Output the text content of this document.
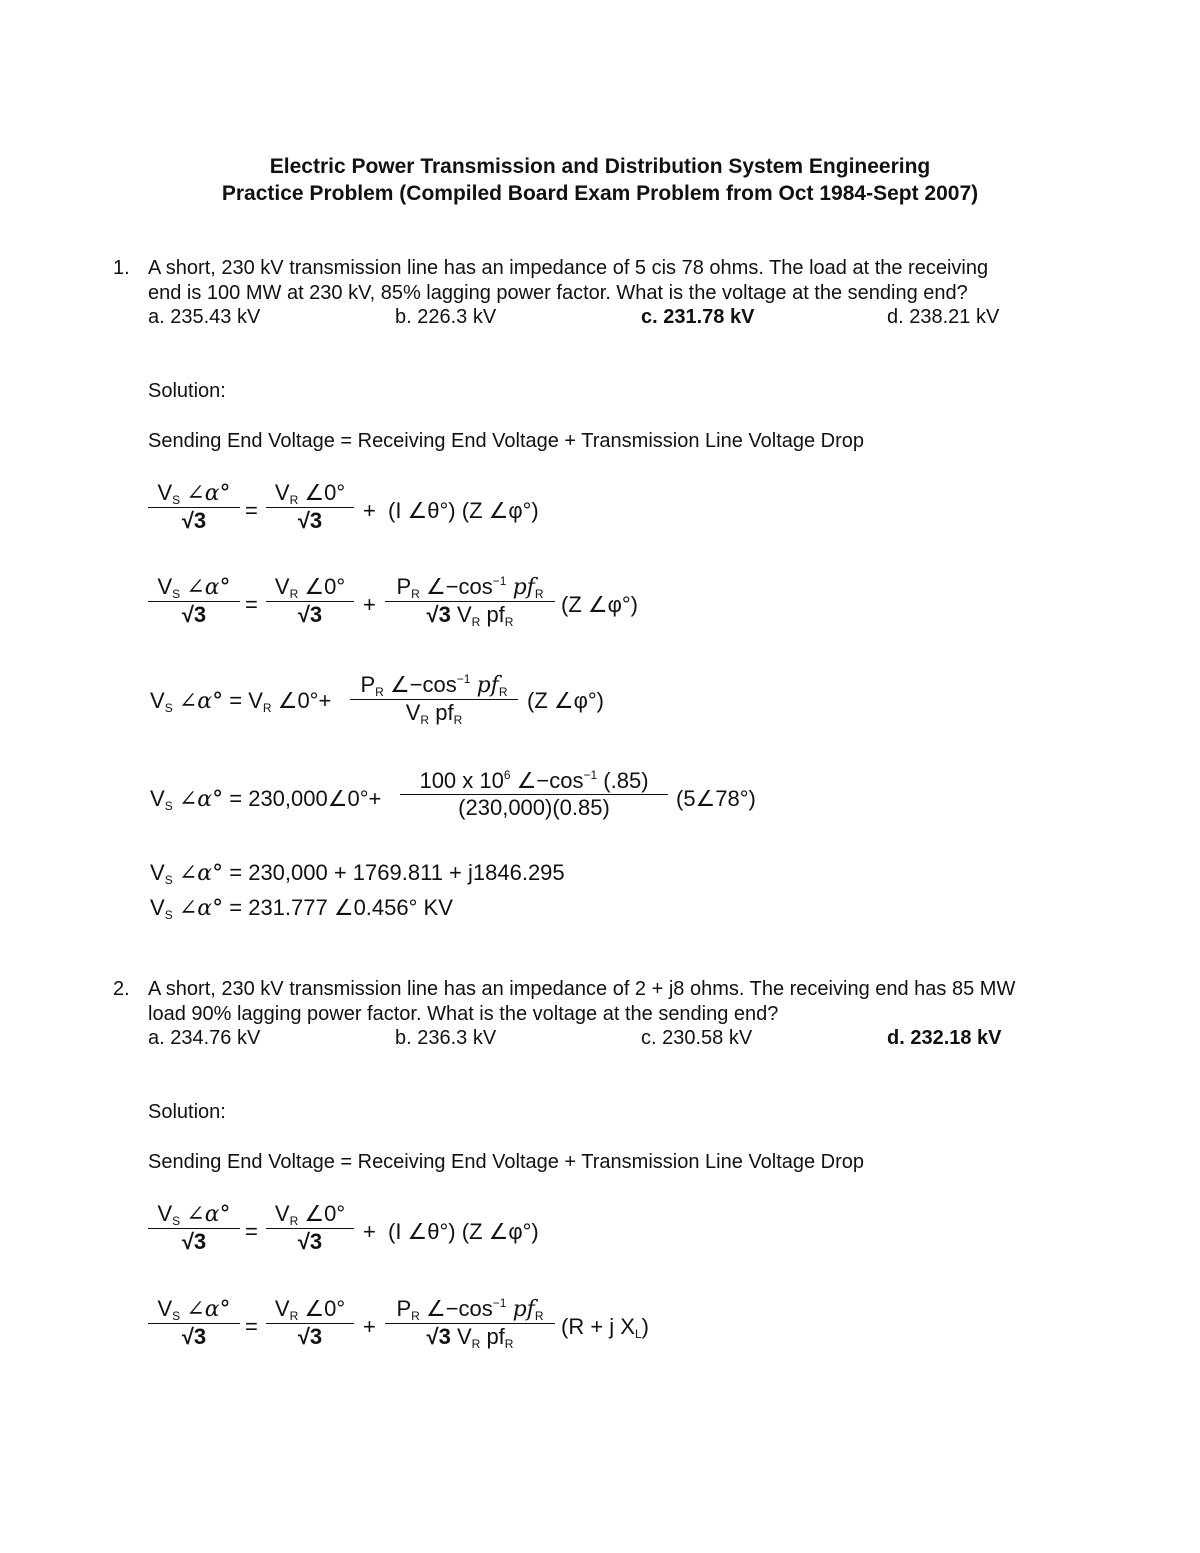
Electric Power Transmission and Distribution System Engineering
Practice Problem (Compiled Board Exam Problem from Oct 1984-Sept 2007)
1. A short, 230 kV transmission line has an impedance of 5 cis 78 ohms. The load at the receiving
end is 100 MW at 230 kV, 85% lagging power factor. What is the voltage at the sending end?
a. 235.43 kV	b. 226.3 kV	c. 231.78 kV	d. 238.21 kV
Solution:
Sending End Voltage = Receiving End Voltage + Transmission Line Voltage Drop
$\frac{V_S \angle\alpha^\circ}{√3} = \frac{V_R \angle 0^\circ}{√3} + (I$ ∠θ°) (Z ∠φ°)
$\frac{V_S \angle\alpha^\circ}{√3} = \frac{V_R \angle 0^\circ}{√3}$ +
$P_R$ $\angle-\cos^{-1}$ $pf_R$
√3 $V_R$ $pf_R$
(Z ∠φ°)
$V_S$ ∠α° = $V_R$ ∠0°+
$P_R$ $\angle-\cos^{-1}$ $pf_R$
$V_R$ $pf_R$
(Z ∠φ°)
$V_S$ ∠α° = 230,000∠0°+ $\frac{100 x 10^6 \angle-\cos^{-1} (.85)}{(230,000)(0.85)}$ (5∠78°)
$V_S$ ∠α° = 230,000 + 1769.811 + j1846.295
$V_S$ ∠α° = 231.777 ∠0.456° KV
2. A short, 230 kV transmission line has an impedance of 2 + j8 ohms. The receiving end has 85 MW
load 90% lagging power factor. What is the voltage at the sending end?
a. 234.76 kV	b. 236.3 kV	c. 230.58 kV	d. 232.18 kV
Solution:
Sending End Voltage = Receiving End Voltage + Transmission Line Voltage Drop
$\frac{V_S \angle\alpha^\circ}{√3} = \frac{V_R \angle 0^\circ}{√3} + (I$ ∠θ°) (Z ∠φ°)
$\frac{V_S \angle\alpha^\circ}{√3} = \frac{V_R \angle 0^\circ}{√3}$ +
$P_R$ $\angle-\cos^{-1}$ $pf_R$
√3 $V_R$ $pf_R$
(R + j $X_L$)
